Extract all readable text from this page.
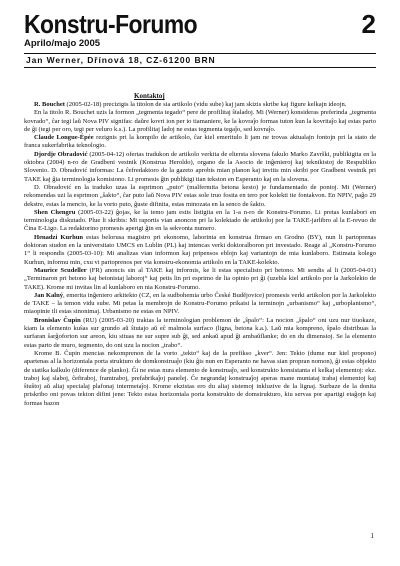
Konstru-Forumo	2
Aprilo/majo 2005
Jan Werner, Dřínová 18, CZ-61200 BRN
Kontaktoj

R. Bouchet (2005-02-18) precizigis la titolon de sia artikolo (vidu sube) kaj jam skizis skribe kaj figure kelkajn ideojn.

En la titolo R. Bouchet uzis la formon „tegmenta tegado“ pere de profilitaj ŝtaladoj. Mi (Werner) konsideras preferinda „tegmenta kovrado“, ĉar tegi laŭ Nova PIV signifas: daŭre kovri ion per io tiamaniere, ke la kovraĵo formas tuton kun la kovritaĵo kaj estas parto de ĝi (tegi per oro, tegi per veluro k.s.). La profilitaj ladoj ne estas tegmenta tegaĵo, sed kovraĵo.

Claude Longue-Épée rezignis pri la kompilo de artikolo, ĉar kiel emeritulo li jam ne trovas aktualajn fontojn pri la stato de franca sukerfabrika teknologio.

Djordje Obradović (2005-04-12) ofertas tradukon de artikolo verkita de eltersta slovena fakulo Marko Završki, publikigita en la oktobra (2004) n-ro de Gradbeni vestnik (Konstrua Heroldo), organo de la Asocio de inĝenieroj kaj teknikistoj de Respubliko Slovenio. D. Obradović informas: La ĉefredaktoro de la gazeto aprobis mian planon kaj invitis min skribi por Gradbeni vestnik pri TAKE kaj ĝia terminologia komisiono. Li promesis ĝin publikigi tian tekston en Esperanto kaj en la slovena.

D. Obradović en la traduko uzas la esprimon „puto“ (malfermita betona kesto) je fundamentado de pontoj. Mi (Werner) rekomendas uzi la esprimon „ŝakto“, ĉar puto laŭ Nova PIV estas sole truo fosita en tero por kolekti tie fontakvon. En NPIV, paĝo 29 dekstre, estas la mencio, ke la vorto puto, ĝuste difinita, estas minozata en la senco de ŝakto.

Shen Chengru (2005-03-22) ĝojas, ke la temo jam estis listigita en la 1-a n-ro de Konstru-Forumo. Li pretas kunlabori en terminologia diskutado. Plue li skribis: Mi raportis vian anoncon pri la kolektado de artikoloj por la TAKE-jarlibro al la E-revuo de Ĉina E-Ligo. La redaktorino promesis aperigi ĝin en la sekvonta numero.

Henadzi Kurhun estas belorusa magistro pri ekonomo, laborinta en konstrua firmao en Grodno (BY), nun li partoprenas doktoran studon en la universitato UMCS en Lublin (PL) kaj intencas verki doktoralboron pri investado. Reage al „Konstru-Forumo 1“ li respondis (2005-03-10): Mi analizas vian informon kaj pripensos eblojn kaj variantojn de mia kunlaboro. Estimata kolego Kurhun, informu min, cxu vi partoprenos per via konstru-ekonomia artikolo en la TAKE-kolekto.

Maurice Scudeller (FR) anoncis sin al TAKE kaj informis, ke li estas specialisto pri betono. Mi sendis al li (2005-04-01) „Terminaron pri betono kaj betonistaj laboroj“ kaj petis lin pri esprimo de lia opinio pri ĝi (uzebla kiel artikolo por la Jarkolekto de TAKE). Krome mi invitas lin al kunlaboro en nia Konstru-Forumo.

Jan Kalný, emerita inĝeniero arkitekto (CZ, en la sudbohemia urbo České Budějovice) promesis verki artikolon por la Jarkolekto de TAKE – la temon vidu sube. Mi petas la membrojn de Konstru-Forumo prikaisi la terminojn „urbanismo“ kaj „urboplanismo“, miaopinie ili estas sinonimaj. Urbanismo ne estas en NPIV.

Bronislav Ĉupin (RU) (2005-03-20) traktas la terminologian problemon de „ŝpalo“: La nocion „ŝpalo“ oni uzu nur tiuokaze, kiam la elemento kuŝas sur grundo aŭ ŝtutajo aŭ eĉ malmola surfaco (ligna, betona k.a.). Laŭ mia kompreno, ŝpalo distribuas la surfaran ŝarĝoforton sur areon, kiu situas ne sur supre sub ĝi, sed ankaŭ apud ĝi ambaŭflanke; do en du dimensioj. Se la elemento estas parto de muro, tegmento, do oni uzu la nocion „trabo“.

Krome B. Ĉupin mencias nekomprenon de la vorto „tekto“ kaj de la prefikso „kver“. Jen: Tekto (dume nur kiel propono) apartenas al la horizontala porta strukturo de domkonstruaĵo (kiu ĝis nun en Esperanto ne havas sian propran nomon), ĝi estas objekto de statika kalkulo (diference de planko). Ĝi ne estas nura elemento de konstruaĵo, sed konstrukto konsistanta el kelkaj elementoj: ekz. traboj kaj slaboj, ĉeftraboj, framtraboj, prefabrikaĵoj panelej. Ĉe negrandaj konstruaĵoj aperas mane muntataj trabaj elementoj kaj ŝtuŝtoj aŭ aliaj specialaj plafonaj intermetaĵoj. Krome ekzistas ero du aliaj sistemoj inkluzive de la lignaj. Surbaze de la donita priskribo oni povas tekton difini jene: Tekto estas horizontala porta konstrukto de domstrukturo, kiu servas por apartigi etaĝojn kaj formas bazon

1
